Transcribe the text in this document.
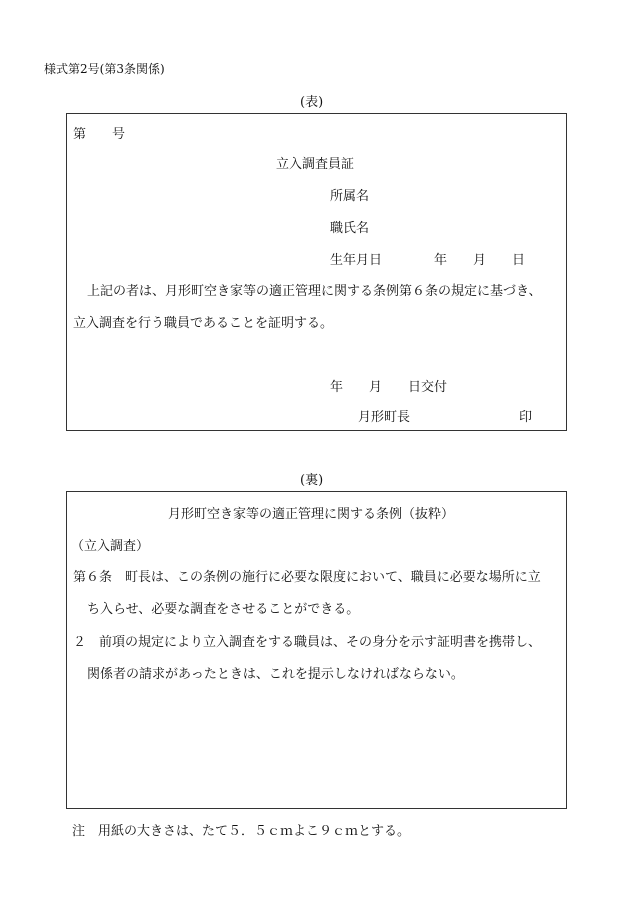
様式第2号(第3条関係)
(表)
第　　号
立入調査員証
所属名
職氏名
生年月日　　　　年　　月　　日
上記の者は、月形町空き家等の適正管理に関する条例第６条の規定に基づき、
立入調査を行う職員であることを証明する。
年　　月　　日交付
月形町長	印
(裏)
月形町空き家等の適正管理に関する条例（抜粋）
（立入調査）
第６条　町長は、この条例の施行に必要な限度において、職員に必要な場所に立
ち入らせ、必要な調査をさせることができる。
２　前項の規定により立入調査をする職員は、その身分を示す証明書を携帯し、
関係者の請求があったときは、これを提示しなければならない。
注　用紙の大きさは、たて５．５ｃｍよこ９ｃｍとする。
